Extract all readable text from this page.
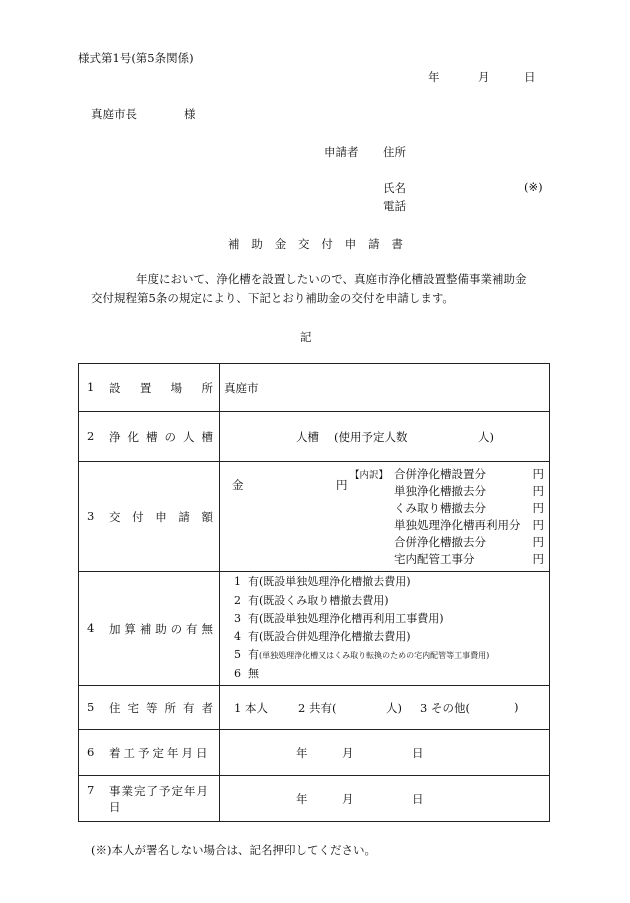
様式第1号(第5条関係)
年	月	日
真庭市長	様
申請者 住所
氏名	(※)
電話
補 助 金 交 付 申 請 書
年度において、浄化槽を設置したいので、真庭市浄化槽設置整備事業補助金
交付規程第5条の規定により、下記とおり補助金の交付を申請します。
記
1	設 置 場 所	真庭市

2	浄 化 槽 の 人 槽	人槽 (使用予定人数	人)

3	交 付 申 請 額

金	円
【内訳】 合併浄化槽設置分	円
単独浄化槽撤去分	円
くみ取り槽撤去分	円
単独処理浄化槽再利用分	円
合併浄化槽撤去分	円
宅内配管工事分	円

4	加 算 補 助 の 有 無

1 有(既設単独処理浄化槽撤去費用)
2 有(既設くみ取り槽撤去費用)
3 有(既設単独処理浄化槽再利用工事費用)
4 有(既設合併処理浄化槽撤去費用)
5 有(単独処理浄化槽又はくみ取り転換のための宅内配管等工事費用)
6 無

5	住 宅 等 所 有 者	1 本人	2 共有(	人) 3 その他(	)

6	着工予定年月日	年	月	日

7	事業完了予定年月日

年	月	日
(※)本人が署名しない場合は、記名押印してください。
